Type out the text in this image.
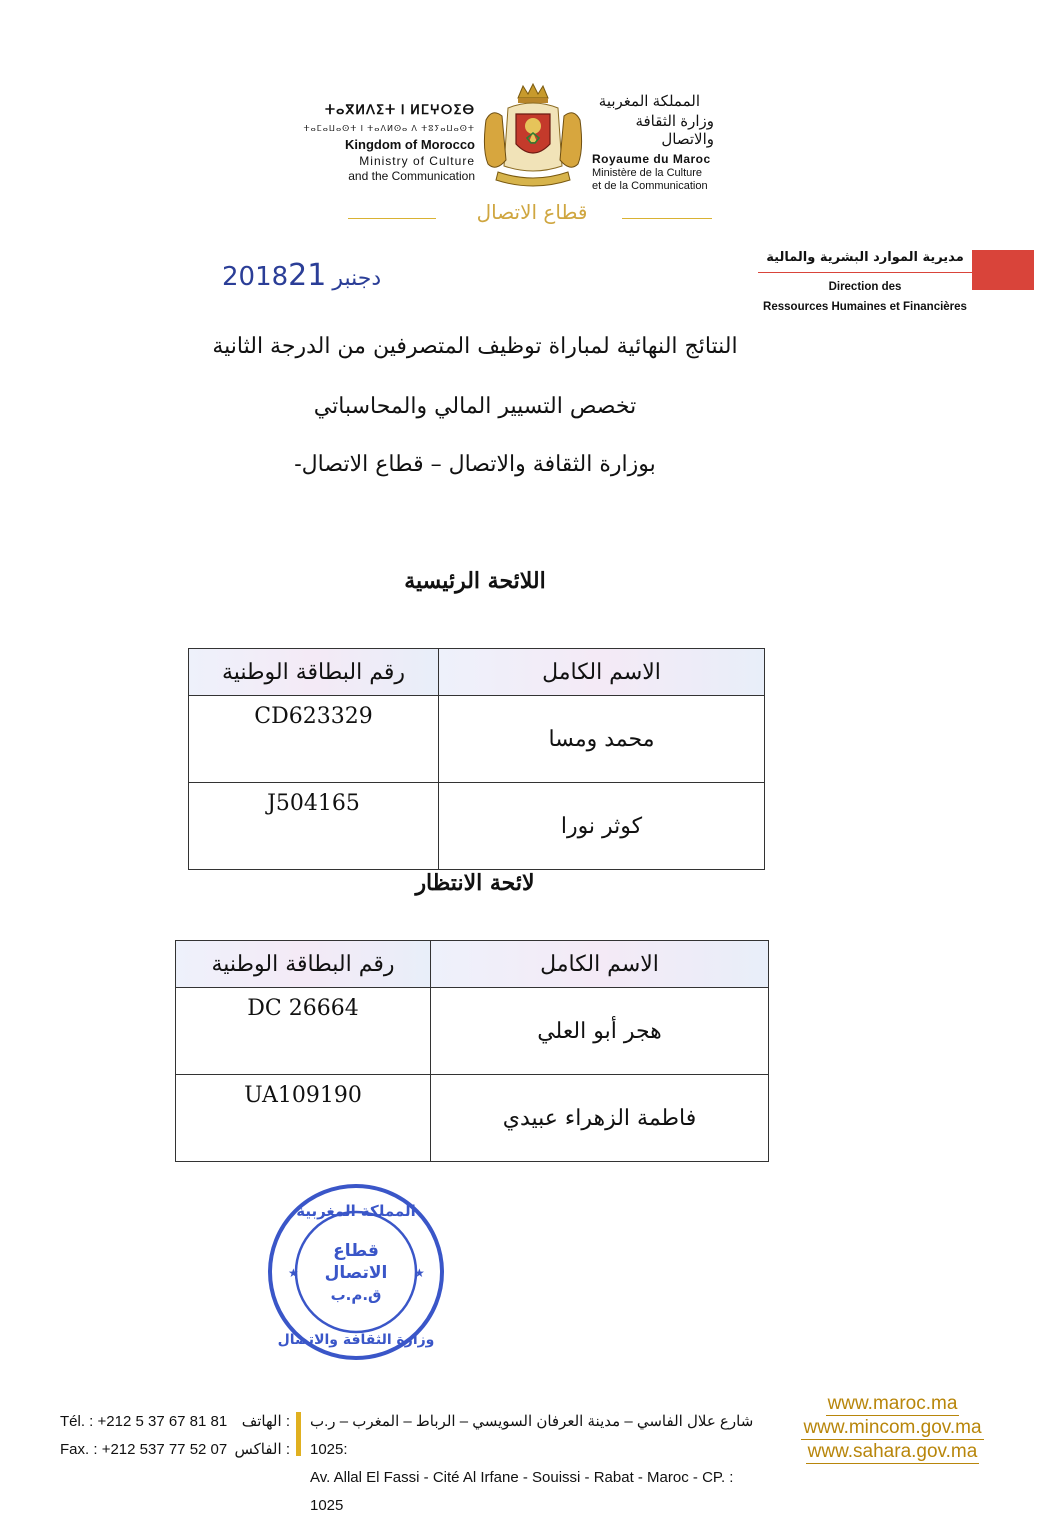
ⵜⴰⴳⵍⴷⵉⵜ ⵏ ⵍⵎⵖⵔⵉⴱ
ⵜⴰⵎⴰⵡⴰⵙⵜ ⵏ ⵜⴰⴷⵍⵙⴰ ⴷ ⵜⵓⵢⴰⵡⴰⵙⵜ
Kingdom of Morocco
Ministry of Culture
and the Communication
المملكة المغربية
وزارة الثقافة والاتصال
Royaume du Maroc
Ministère de la Culture
et de la Communication
قطاع الاتصال
مديرية الموارد البشرية والمالية
Direction des
Ressources Humaines et Financières
2018 دجنبر21
النتائج النهائية لمباراة توظيف المتصرفين من الدرجة الثانية
تخصص التسيير المالي والمحاسباتي
بوزارة الثقافة والاتصال – قطاع الاتصال-
اللائحة الرئيسية
رقم البطاقة الوطنية	الاسم الكامل
CD623329	محمد ومسا
J504165	كوثر نورا
لائحة الانتظار
رقم البطاقة الوطنية	الاسم الكامل
DC 26664	هجر أبو العلي
UA109190	فاطمة الزهراء عبيدي
★	★
المملكة المغربية
وزارة الثقافة والاتصال
قطاع
الاتصال
ق.م.ب
Tél. : +212 5 37 67 81 81 : الهاتف
Fax. : +212 537 77 52 07 : الفاكس
شارع علال الفاسي – مدينة العرفان السويسي – الرباط – المغرب – ر.ب :1025
Av. Allal El Fassi - Cité Al Irfane - Souissi - Rabat - Maroc - CP. : 1025
www.maroc.ma
www.mincom.gov.ma
www.sahara.gov.ma
